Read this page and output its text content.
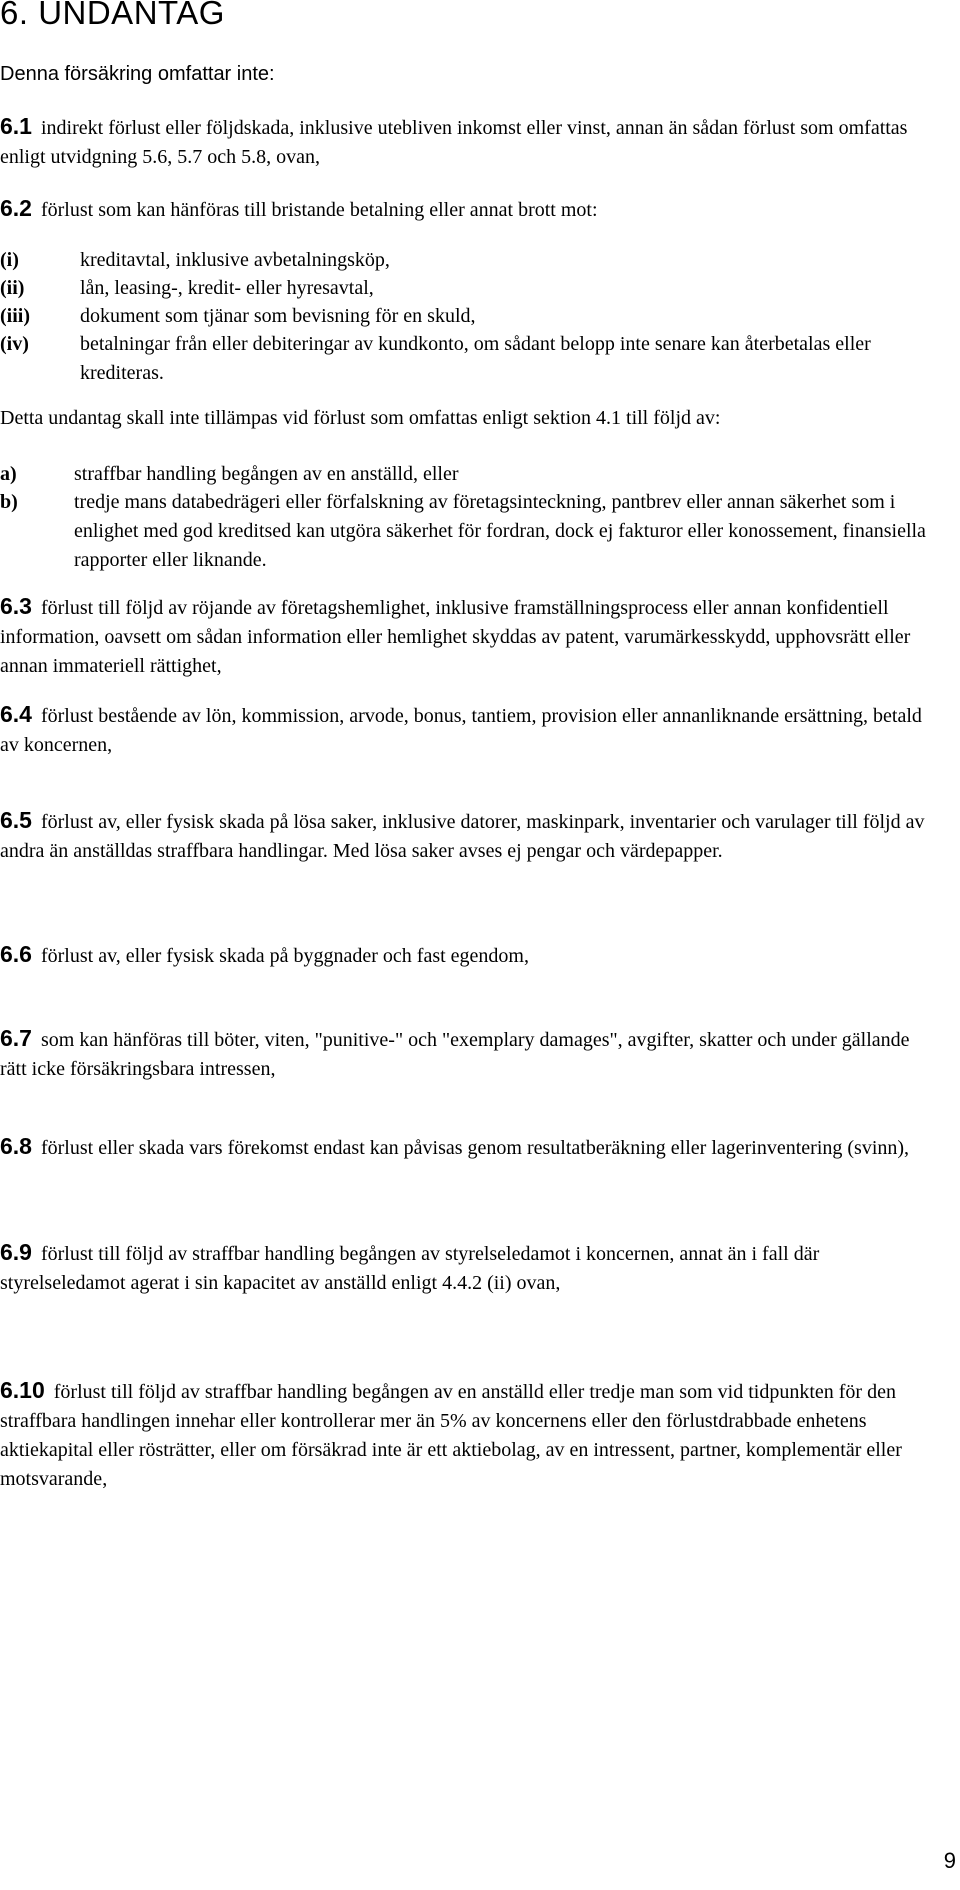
6. UNDANTAG
Denna försäkring omfattar inte:
6.1 indirekt förlust eller följdskada, inklusive utebliven inkomst eller vinst, annan än sådan förlust som omfattas enligt utvidgning 5.6, 5.7 och 5.8, ovan,
6.2 förlust som kan hänföras till bristande betalning eller annat brott mot:
(i)	kreditavtal, inklusive avbetalningsköp,
(ii)	lån, leasing-, kredit- eller hyresavtal,
(iii)	dokument som tjänar som bevisning för en skuld,
(iv)	betalningar från eller debiteringar av kundkonto, om sådant belopp inte senare kan återbetalas eller krediteras.
Detta undantag skall inte tillämpas vid förlust som omfattas enligt sektion 4.1 till följd av:
a)	straffbar handling begången av en anställd, eller
b)	tredje mans databedrägeri eller förfalskning av företagsinteckning, pantbrev eller annan säkerhet som i enlighet med god kreditsed kan utgöra säkerhet för fordran, dock ej fakturor eller konossement, finansiella rapporter eller liknande.
6.3 förlust till följd av röjande av företagshemlighet, inklusive framställningsprocess eller annan konfidentiell information, oavsett om sådan information eller hemlighet skyddas av patent, varumärkesskydd, upphovsrätt eller annan immateriell rättighet,
6.4 förlust bestående av lön, kommission, arvode, bonus, tantiem, provision eller annanliknande ersättning, betald av koncernen,
6.5 förlust av, eller fysisk skada på lösa saker, inklusive datorer, maskinpark, inventarier och varulager till följd av andra än anställdas straffbara handlingar. Med lösa saker avses ej pengar och värdepapper.
6.6 förlust av, eller fysisk skada på byggnader och fast egendom,
6.7 som kan hänföras till böter, viten, "punitive-" och "exemplary damages", avgifter, skatter och under gällande rätt icke försäkringsbara intressen,
6.8 förlust eller skada vars förekomst endast kan påvisas genom resultatberäkning eller lagerinventering (svinn),
6.9 förlust till följd av straffbar handling begången av styrelseledamot i koncernen, annat än i fall där styrelseledamot agerat i sin kapacitet av anställd enligt 4.4.2 (ii) ovan,
6.10 förlust till följd av straffbar handling begången av en anställd eller tredje man som vid tidpunkten för den straffbara handlingen innehar eller kontrollerar mer än 5% av koncernens eller den förlustdrabbade enhetens aktiekapital eller rösträtter, eller om försäkrad inte är ett aktiebolag, av en intressent, partner, komplementär eller motsvarande,
9
